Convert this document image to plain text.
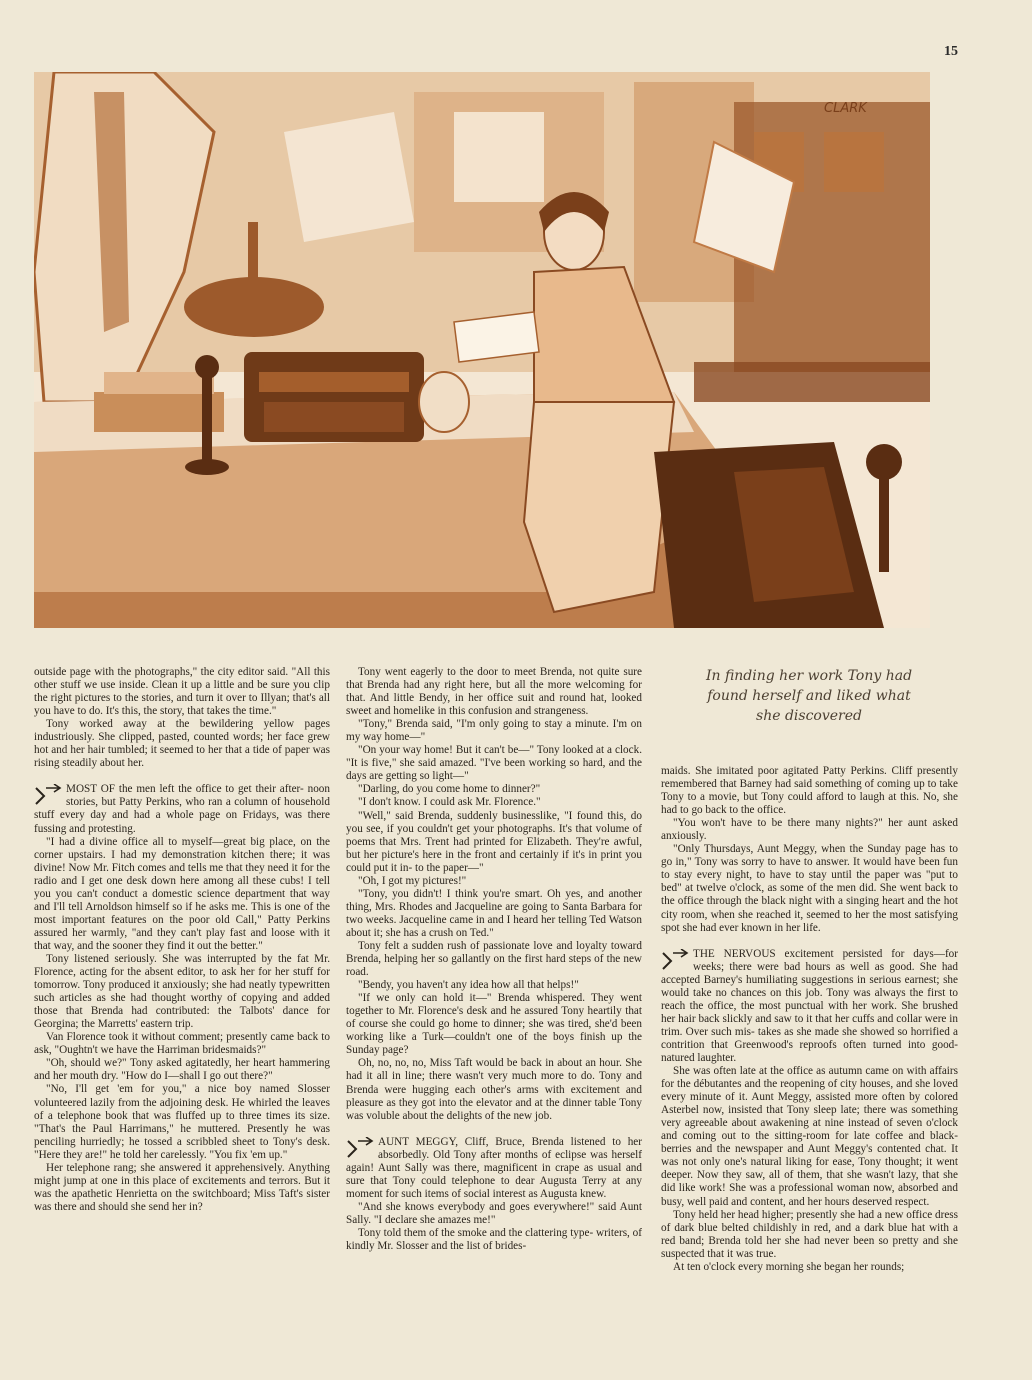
15
CLARK
In finding her work Tony had
found herself and liked what
she discovered

outside page with the photographs," the city editor said. "All this other stuff we use inside. Clean it up a little and be sure you clip the right pictures to the stories, and turn it over to Illyan; that's all you have to do. It's this, the story, that takes the time."

Tony worked away at the bewildering yellow pages industriously. She clipped, pasted, counted words; her face grew hot and her hair tumbled; it seemed to her that a tide of paper was rising steadily about her.

MOST OF the men left the office to get their after- noon stories, but Patty Perkins, who ran a column of household stuff every day and had a whole page on Fridays, was there fussing and protesting.

"I had a divine office all to myself—great big place, on the corner upstairs. I had my demonstration kitchen there; it was divine! Now Mr. Fitch comes and tells me that they need it for the radio and I get one desk down here among all these cubs! I tell you you can't conduct a domestic science department that way and I'll tell Arnoldson himself so if he asks me. This is one of the most important features on the poor old Call," Patty Perkins assured her warmly, "and they can't play fast and loose with it that way, and the sooner they find it out the better."

Tony listened seriously. She was interrupted by the fat Mr. Florence, acting for the absent editor, to ask her for her stuff for tomorrow. Tony produced it anxiously; she had neatly typewritten such articles as she had thought worthy of copying and added those that Brenda had contributed: the Talbots' dance for Georgina; the Marretts' eastern trip.

Van Florence took it without comment; presently came back to ask, "Oughtn't we have the Harriman bridesmaids?"

"Oh, should we?" Tony asked agitatedly, her heart hammering and her mouth dry. "How do I—shall I go out there?"

"No, I'll get 'em for you," a nice boy named Slosser volunteered lazily from the adjoining desk. He whirled the leaves of a telephone book that was fluffed up to three times its size. "That's the Paul Harrimans," he muttered. Presently he was penciling hurriedly; he tossed a scribbled sheet to Tony's desk. "Here they are!" he told her carelessly. "You fix 'em up."

Her telephone rang; she answered it apprehensively. Anything might jump at one in this place of excitements and terrors. But it was the apathetic Henrietta on the switchboard; Miss Taft's sister was there and should she send her in?

Tony went eagerly to the door to meet Brenda, not quite sure that Brenda had any right here, but all the more welcoming for that. And little Bendy, in her office suit and round hat, looked sweet and homelike in this confusion and strangeness.

"Tony," Brenda said, "I'm only going to stay a minute. I'm on my way home—"

"On your way home! But it can't be—" Tony looked at a clock. "It is five," she said amazed. "I've been working so hard, and the days are getting so light—"

"Darling, do you come home to dinner?"

"I don't know. I could ask Mr. Florence."

"Well," said Brenda, suddenly businesslike, "I found this, do you see, if you couldn't get your photographs. It's that volume of poems that Mrs. Trent had printed for Elizabeth. They're awful, but her picture's here in the front and certainly if it's in print you could put it in- to the paper—"

"Oh, I got my pictures!"

"Tony, you didn't! I think you're smart. Oh yes, and another thing, Mrs. Rhodes and Jacqueline are going to Santa Barbara for two weeks. Jacqueline came in and I heard her telling Ted Watson about it; she has a crush on Ted."

Tony felt a sudden rush of passionate love and loyalty toward Brenda, helping her so gallantly on the first hard steps of the new road.

"Bendy, you haven't any idea how all that helps!"

"If we only can hold it—" Brenda whispered. They went together to Mr. Florence's desk and he assured Tony heartily that of course she could go home to dinner; she was tired, she'd been working like a Turk—couldn't one of the boys finish up the Sunday page?

Oh, no, no, no, Miss Taft would be back in about an hour. She had it all in line; there wasn't very much more to do. Tony and Brenda were hugging each other's arms with excitement and pleasure as they got into the elevator and at the dinner table Tony was voluble about the delights of the new job.

AUNT MEGGY, Cliff, Bruce, Brenda listened to her absorbedly. Old Tony after months of eclipse was herself again! Aunt Sally was there, magnificent in crape as usual and sure that Tony could telephone to dear Augusta Terry at any moment for such items of social interest as Augusta knew.

"And she knows everybody and goes everywhere!" said Aunt Sally. "I declare she amazes me!"

Tony told them of the smoke and the clattering type- writers, of kindly Mr. Slosser and the list of brides-

maids. She imitated poor agitated Patty Perkins. Cliff presently remembered that Barney had said something of coming up to take Tony to a movie, but Tony could afford to laugh at this. No, she had to go back to the office.

"You won't have to be there many nights?" her aunt asked anxiously.

"Only Thursdays, Aunt Meggy, when the Sunday page has to go in," Tony was sorry to have to answer. It would have been fun to stay every night, to have to stay until the paper was "put to bed" at twelve o'clock, as some of the men did. She went back to the office through the black night with a singing heart and the hot city room, when she reached it, seemed to her the most satisfying spot she had ever known in her life.

THE NERVOUS excitement persisted for days—for weeks; there were bad hours as well as good. She had accepted Barney's humiliating suggestions in serious earnest; she would take no chances on this job. Tony was always the first to reach the office, the most punctual with her work. She brushed her hair back slickly and saw to it that her cuffs and collar were in trim. Over such mis- takes as she made she showed so horrified a contrition that Greenwood's reproofs often turned into good- natured laughter.

She was often late at the office as autumn came on with affairs for the débutantes and the reopening of city houses, and she loved every minute of it. Aunt Meggy, assisted more often by colored Asterbel now, insisted that Tony sleep late; there was something very agreeable about awakening at nine instead of seven o'clock and coming out to the sitting-room for late coffee and black- berries and the newspaper and Aunt Meggy's contented chat. It was not only one's natural liking for ease, Tony thought; it went deeper. Now they saw, all of them, that she wasn't lazy, that she did like work! She was a professional woman now, absorbed and busy, well paid and content, and her hours deserved respect.

Tony held her head higher; presently she had a new office dress of dark blue belted childishly in red, and a dark blue hat with a red band; Brenda told her she had never been so pretty and she suspected that it was true.

At ten o'clock every morning she began her rounds;
